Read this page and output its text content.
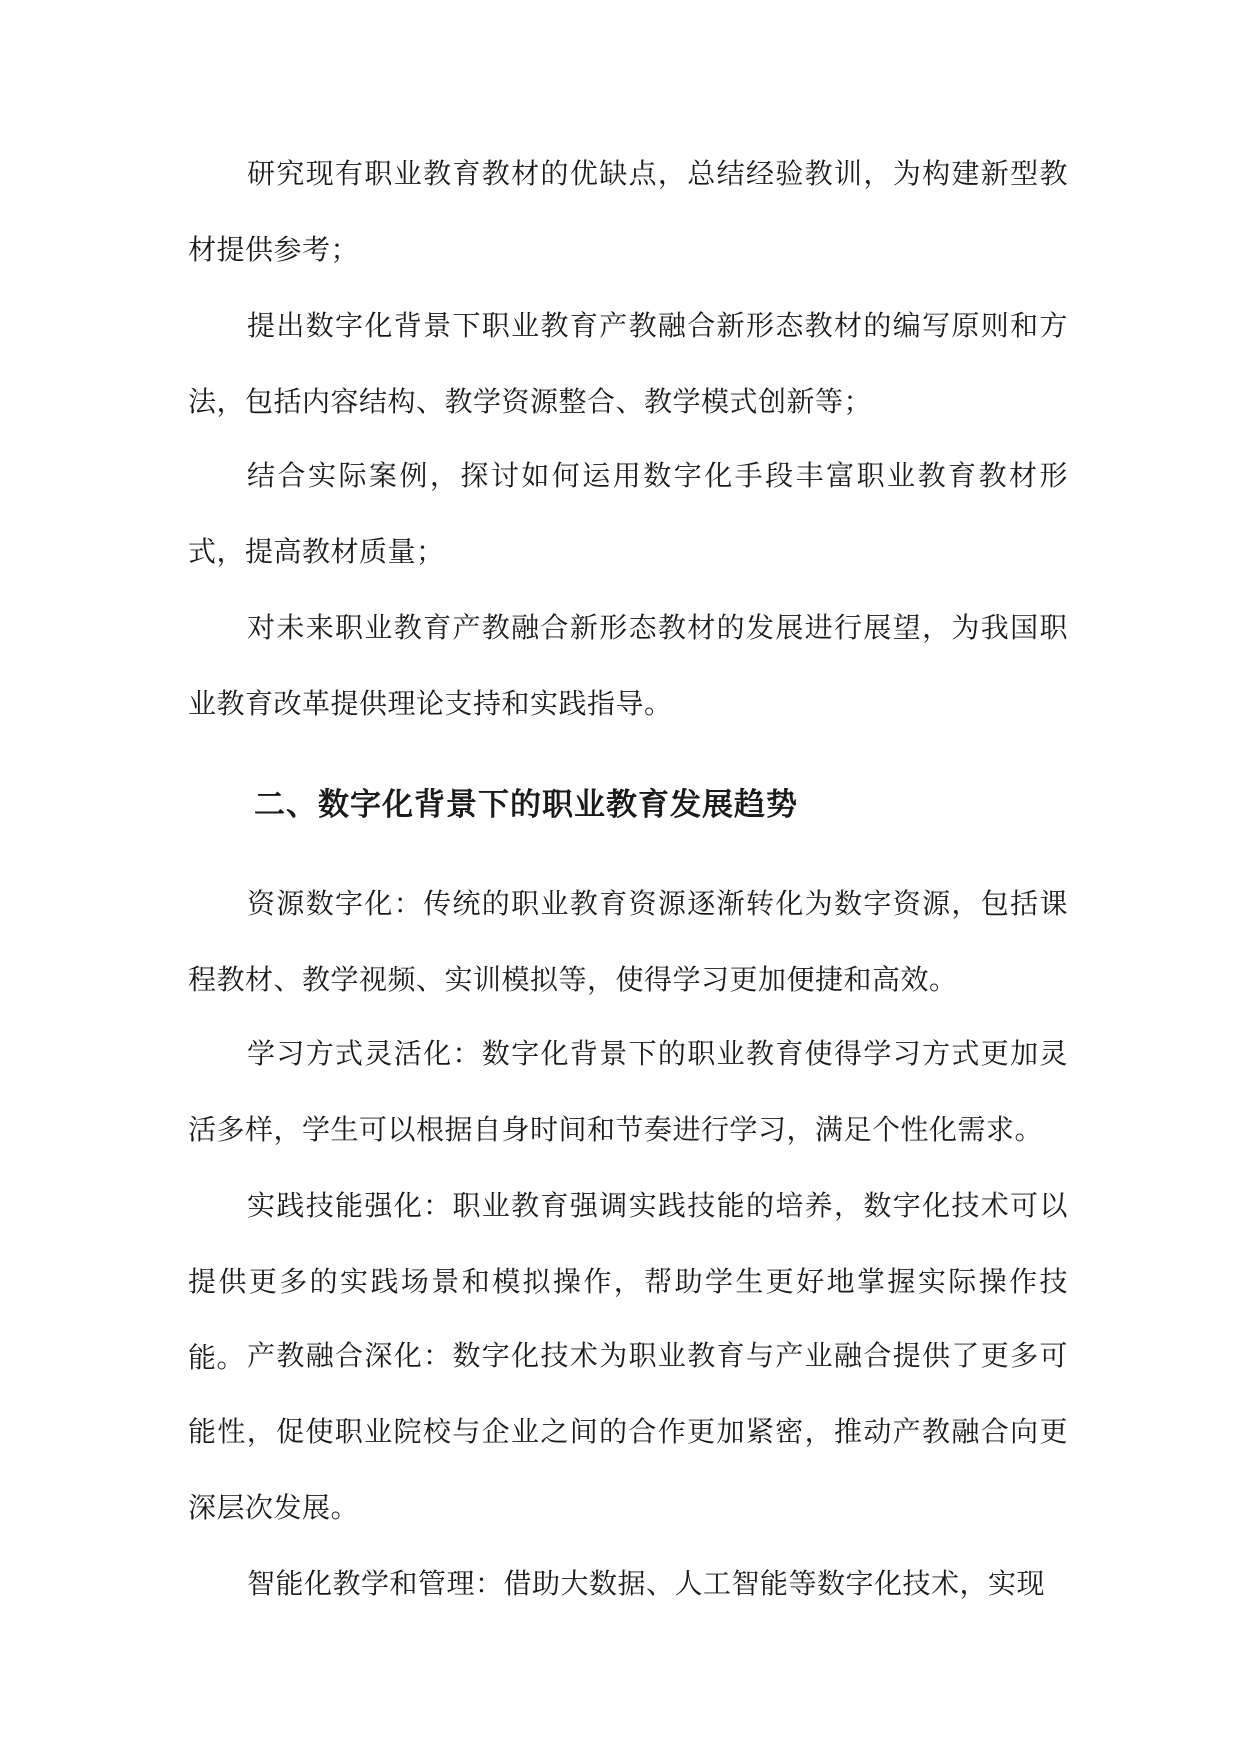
研究现有职业教育教材的优缺点，总结经验教训，为构建新型教材提供参考；

提出数字化背景下职业教育产教融合新形态教材的编写原则和方法，包括内容结构、教学资源整合、教学模式创新等；

结合实际案例，探讨如何运用数字化手段丰富职业教育教材形式，提高教材质量；

对未来职业教育产教融合新形态教材的发展进行展望，为我国职业教育改革提供理论支持和实践指导。

二、数字化背景下的职业教育发展趋势

资源数字化：传统的职业教育资源逐渐转化为数字资源，包括课程教材、教学视频、实训模拟等，使得学习更加便捷和高效。

学习方式灵活化：数字化背景下的职业教育使得学习方式更加灵活多样，学生可以根据自身时间和节奏进行学习，满足个性化需求。

实践技能强化：职业教育强调实践技能的培养，数字化技术可以提供更多的实践场景和模拟操作，帮助学生更好地掌握实际操作技能。 产教融合深化：数字化技术为职业教育与产业融合提供了更多可能性，促使职业院校与企业之间的合作更加紧密，推动产教融合向更深层次发展。

智能化教学和管理：借助大数据、人工智能等数字化技术，实现
